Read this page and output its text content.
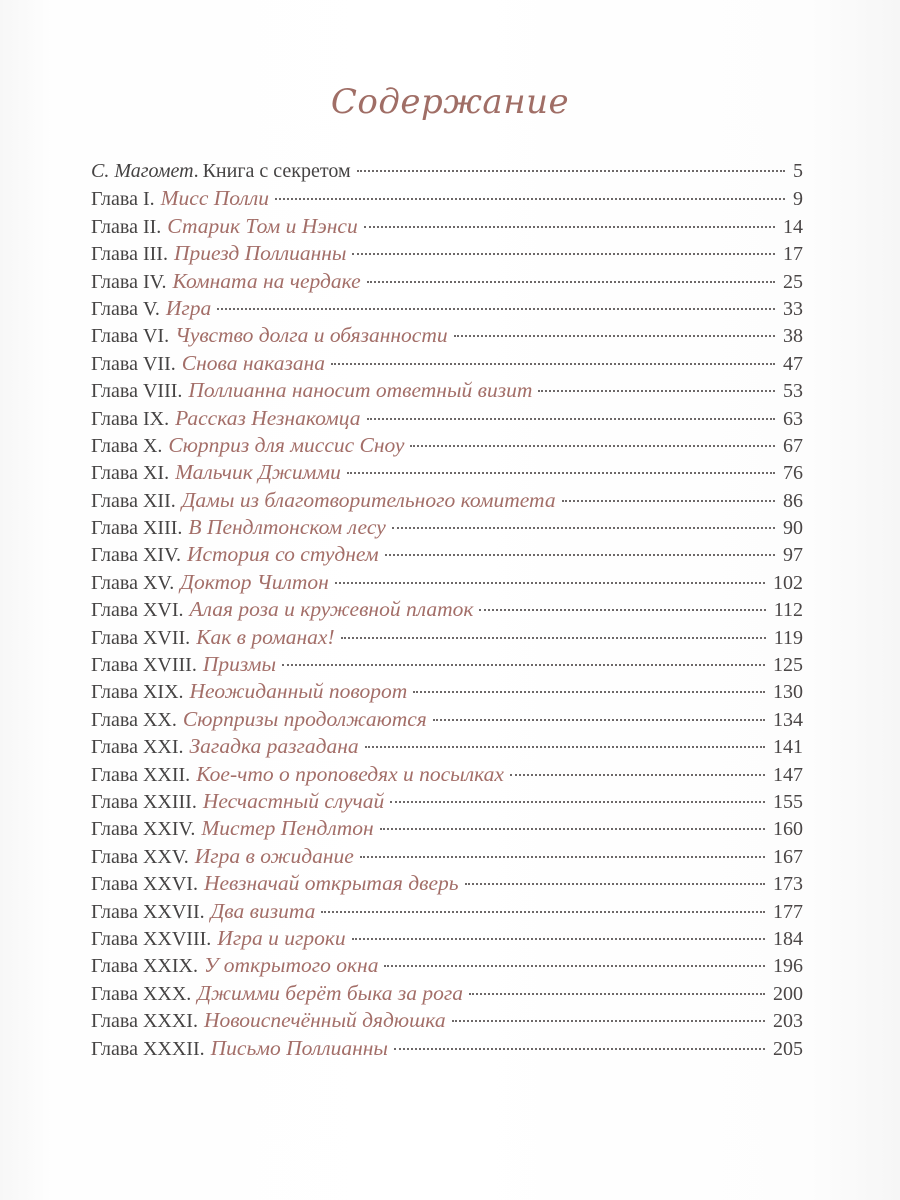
Содержание
С. Магомет . Книга с секретом	5
Глава I. Мисс Полли	9
Глава II. Старик Том и Нэнси	14
Глава III. Приезд Поллианны	17
Глава IV. Комната на чердаке	25
Глава V. Игра	33
Глава VI. Чувство долга и обязанности	38
Глава VII. Снова наказана	47
Глава VIII. Поллианна наносит ответный визит	53
Глава IX. Рассказ Незнакомца	63
Глава X. Сюрприз для миссис Сноу	67
Глава XI. Мальчик Джимми	76
Глава XII. Дамы из благотворительного комитета	86
Глава XIII. В Пендлтонском лесу	90
Глава XIV. История со студнем	97
Глава XV. Доктор Чилтон	102
Глава XVI. Алая роза и кружевной платок	112
Глава XVII. Как в романах!	119
Глава XVIII. Призмы	125
Глава XIX. Неожиданный поворот	130
Глава XX. Сюрпризы продолжаются	134
Глава XXI. Загадка разгадана	141
Глава XXII. Кое-что о проповедях и посылках	147
Глава XXIII. Несчастный случай	155
Глава XXIV. Мистер Пендлтон	160
Глава XXV. Игра в ожидание	167
Глава XXVI. Невзначай открытая дверь	173
Глава XXVII. Два визита	177
Глава XXVIII. Игра и игроки	184
Глава XXIX. У открытого окна	196
Глава XXX. Джимми берёт быка за рога	200
Глава XXXI. Новоиспечённый дядюшка	203
Глава XXXII. Письмо Поллианны	205
